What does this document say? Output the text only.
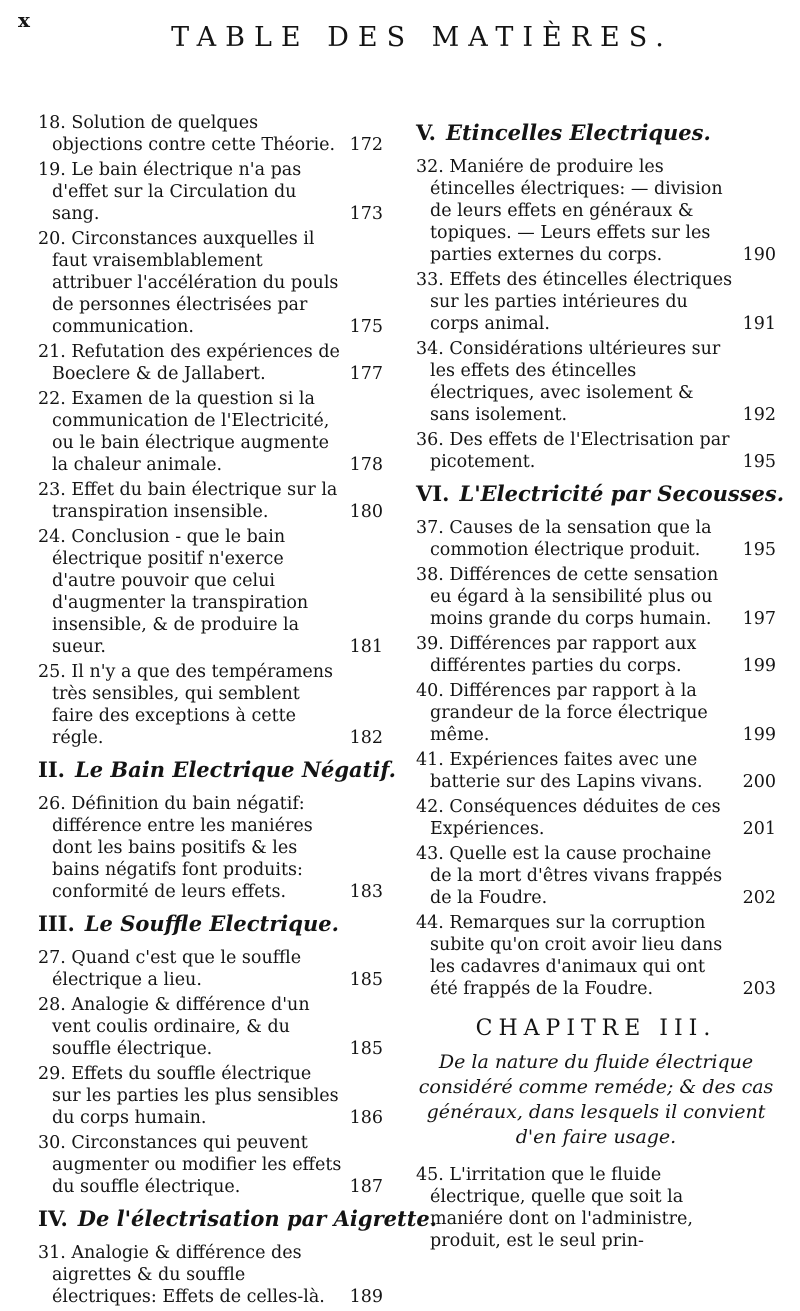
x
TABLE DES MATIÈRES.
18. Solution de quelques objections contre cette Théorie. 172
19. Le bain électrique n'a pas d'effet sur la Circulation du sang.	173
20. Circonstances auxquelles il faut vraisemblablement attribuer l'accélération du pouls de personnes électrisées par communication.	175
21. Refutation des expériences de Boeclere & de Jallabert.	177
22. Examen de la question si la communication de l'Electricité, ou le bain électrique augmente la chaleur animale.	178
23. Effet du bain électrique sur la transpiration insensible.	180
24. Conclusion - que le bain électrique positif n'exerce d'autre pouvoir que celui d'augmenter la transpiration insensible, & de produire la sueur.	181
25. Il n'y a que des tempéramens très sensibles, qui semblent faire des exceptions à cette régle.	182
II. Le Bain Electrique Négatif.
26. Définition du bain négatif: différence entre les maniéres dont les bains positifs & les bains négatifs font produits: conformité de leurs effets.	183
III. Le Souffle Electrique.
27. Quand c'est que le souffle électrique a lieu.	185
28. Analogie & différence d'un vent coulis ordinaire, & du souffle électrique.	185
29. Effets du souffle électrique sur les parties les plus sensibles du corps humain.	186
30. Circonstances qui peuvent augmenter ou modifier les effets du souffle électrique.	187
IV. De l'électrisation par Aigrette.
31. Analogie & différence des aigrettes & du souffle électriques: Effets de celles-là. 189
V. Etincelles Electriques.
32. Maniére de produire les étincelles électriques: — division de leurs effets en généraux & topiques. — Leurs effets sur les parties externes du corps.	190
33. Effets des étincelles électriques sur les parties intérieures du corps animal.	191
34. Considérations ultérieures sur les effets des étincelles électriques, avec isolement & sans isolement.	192
36. Des effets de l'Electrisation par picotement.	195
VI. L'Electricité par Secousses.
37. Causes de la sensation que la commotion électrique produit. 195
38. Différences de cette sensation eu égard à la sensibilité plus ou moins grande du corps humain. 197
39. Différences par rapport aux différentes parties du corps.	199
40. Différences par rapport à la grandeur de la force électrique même.	199
41. Expériences faites avec une batterie sur des Lapins vivans. 200
42. Conséquences déduites de ces Expériences.	201
43. Quelle est la cause prochaine de la mort d'êtres vivans frappés de la Foudre.	202
44. Remarques sur la corruption subite qu'on croit avoir lieu dans les cadavres d'animaux qui ont été frappés de la Foudre.	203
CHAPITRE III.
De la nature du fluide électrique considéré comme reméde; & des cas généraux, dans lesquels il convient d'en faire usage.
45. L'irritation que le fluide électrique, quelle que soit la maniére dont on l'administre, produit, est le seul prin-
